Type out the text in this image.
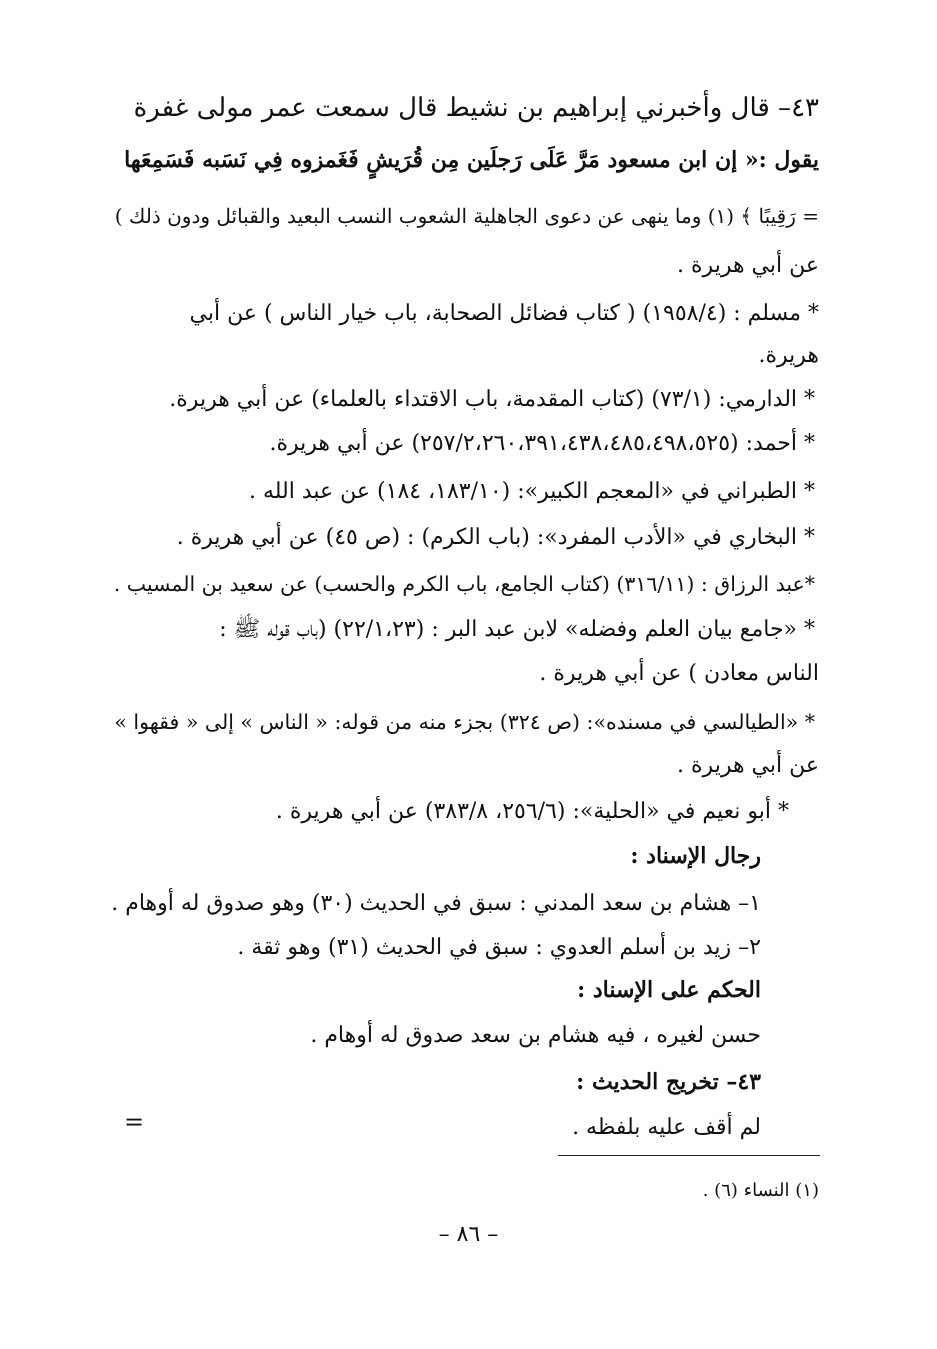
٤٣– قال وأخبرني إبراهيم بن نشيط قال سمعت عمر مولى غفرة
يقول :« إن ابن مسعود مَرَّ عَلَى رَجلَين مِن قُرَيشٍ فَغَمزوه فِي نَسَبه فَسَمِعَها
= رَقِيبًا ﴾ (١) وما ينهى عن دعوى الجاهلية الشعوب النسب البعيد والقبائل ودون ذلك )
عن أبي هريرة .
* مسلم : (١٩٥٨/٤) ( كتاب فضائل الصحابة، باب خيار الناس ) عن أبي
هريرة.
* الدارمي: (٧٣/١) (كتاب المقدمة، باب الاقتداء بالعلماء) عن أبي هريرة.
* أحمد: (٢٥٧/٢،٢٦٠،٣٩١،٤٣٨،٤٨٥،٤٩٨،٥٢٥) عن أبي هريرة.
* الطبراني في «المعجم الكبير»: (١٨٣/١٠، ١٨٤) عن عبد الله .
* البخاري في «الأدب المفرد»: (باب الكرم) : (ص ٤٥) عن أبي هريرة .
*عبد الرزاق : (٣١٦/١١) (كتاب الجامع، باب الكرم والحسب) عن سعيد بن المسيب .
* «جامع بيان العلم وفضله» لابن عبد البر : (٢٢/١،٢٣) (باب قوله ﷺ :
الناس معادن ) عن أبي هريرة .
* «الطيالسي في مسنده»: (ص ٣٢٤) بجزء منه من قوله: « الناس » إلى « فقهوا »
عن أبي هريرة .
* أبو نعيم في «الحلية»: (٢٥٦/٦، ٣٨٣/٨) عن أبي هريرة .
رجال الإسناد :
١– هشام بن سعد المدني : سبق في الحديث (٣٠) وهو صدوق له أوهام .
٢– زيد بن أسلم العدوي : سبق في الحديث (٣١) وهو ثقة .
الحكم على الإسناد :
حسن لغيره ، فيه هشام بن سعد صدوق له أوهام .
٤٣– تخريج الحديث :
لم أقف عليه بلفظه .
=
(١) النساء (٦) .
– ٨٦ –
